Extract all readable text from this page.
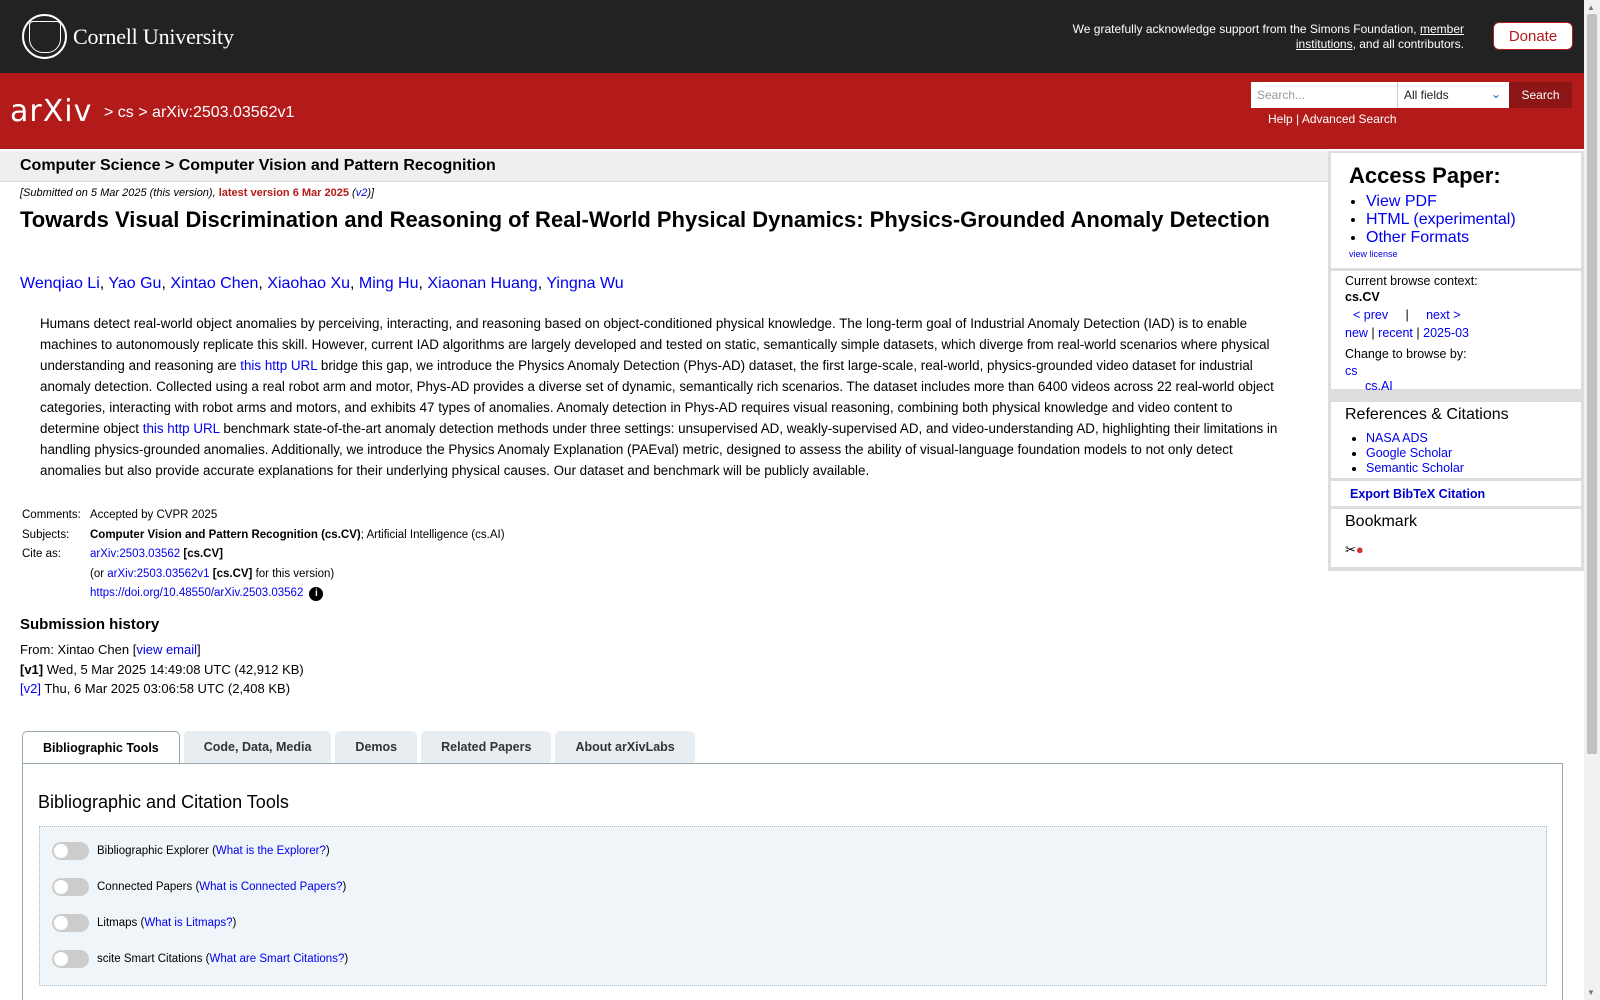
Cornell University	We gratefully acknowledge support from the Simons Foundation, member institutions, and all contributors.	Donate
arXiv > cs > arXiv:2503.03562v1
Search...	All fields	⌄	Search
Help | Advanced Search
Computer Science > Computer Vision and Pattern Recognition
[Submitted on 5 Mar 2025 (this version), latest version 6 Mar 2025 (v2)]
Towards Visual Discrimination and Reasoning of Real-World Physical Dynamics: Physics-Grounded Anomaly Detection
Wenqiao Li, Yao Gu, Xintao Chen, Xiaohao Xu, Ming Hu, Xiaonan Huang, Yingna Wu
Humans detect real-world object anomalies by perceiving, interacting, and reasoning based on object-conditioned physical knowledge. The long-term goal of Industrial Anomaly Detection (IAD) is to enable machines to autonomously replicate this skill. However, current IAD algorithms are largely developed and tested on static, semantically simple datasets, which diverge from real-world scenarios where physical understanding and reasoning are this http URL bridge this gap, we introduce the Physics Anomaly Detection (Phys-AD) dataset, the first large-scale, real-world, physics-grounded video dataset for industrial anomaly detection. Collected using a real robot arm and motor, Phys-AD provides a diverse set of dynamic, semantically rich scenarios. The dataset includes more than 6400 videos across 22 real-world object categories, interacting with robot arms and motors, and exhibits 47 types of anomalies. Anomaly detection in Phys-AD requires visual reasoning, combining both physical knowledge and video content to determine object this http URL benchmark state-of-the-art anomaly detection methods under three settings: unsupervised AD, weakly-supervised AD, and video-understanding AD, highlighting their limitations in handling physics-grounded anomalies. Additionally, we introduce the Physics Anomaly Explanation (PAEval) metric, designed to assess the ability of visual-language foundation models to not only detect anomalies but also provide accurate explanations for their underlying physical causes. Our dataset and benchmark will be publicly available.
Comments: Accepted by CVPR 2025
Subjects:	Computer Vision and Pattern Recognition (cs.CV); Artificial Intelligence (cs.AI)
Cite as:	arXiv:2503.03562 [cs.CV]
(or arXiv:2503.03562v1 [cs.CV] for this version)
https://doi.org/10.48550/arXiv.2503.03562 i
Submission history
From: Xintao Chen [view email]
[v1] Wed, 5 Mar 2025 14:49:08 UTC (42,912 KB)
[v2] Thu, 6 Mar 2025 03:06:58 UTC (2,408 KB)
Bibliographic Tools	Code, Data, Media	Demos	Related Papers	About arXivLabs
Bibliographic and Citation Tools
Bibliographic Explorer ( What is the Explorer? )
Connected Papers ( What is Connected Papers? )
Litmaps ( What is Litmaps? )
scite Smart Citations ( What are Smart Citations? )
Access Paper:
• View PDF
• HTML (experimental)
• Other Formats
view license
Current browse context:
cs.CV
< prev | next >
new | recent | 2025-03
Change to browse by:
cs
cs.AI
References & Citations
• NASA ADS
• Google Scholar
• Semantic Scholar
Export BibTeX Citation
Bookmark
✂●
▲
▼
